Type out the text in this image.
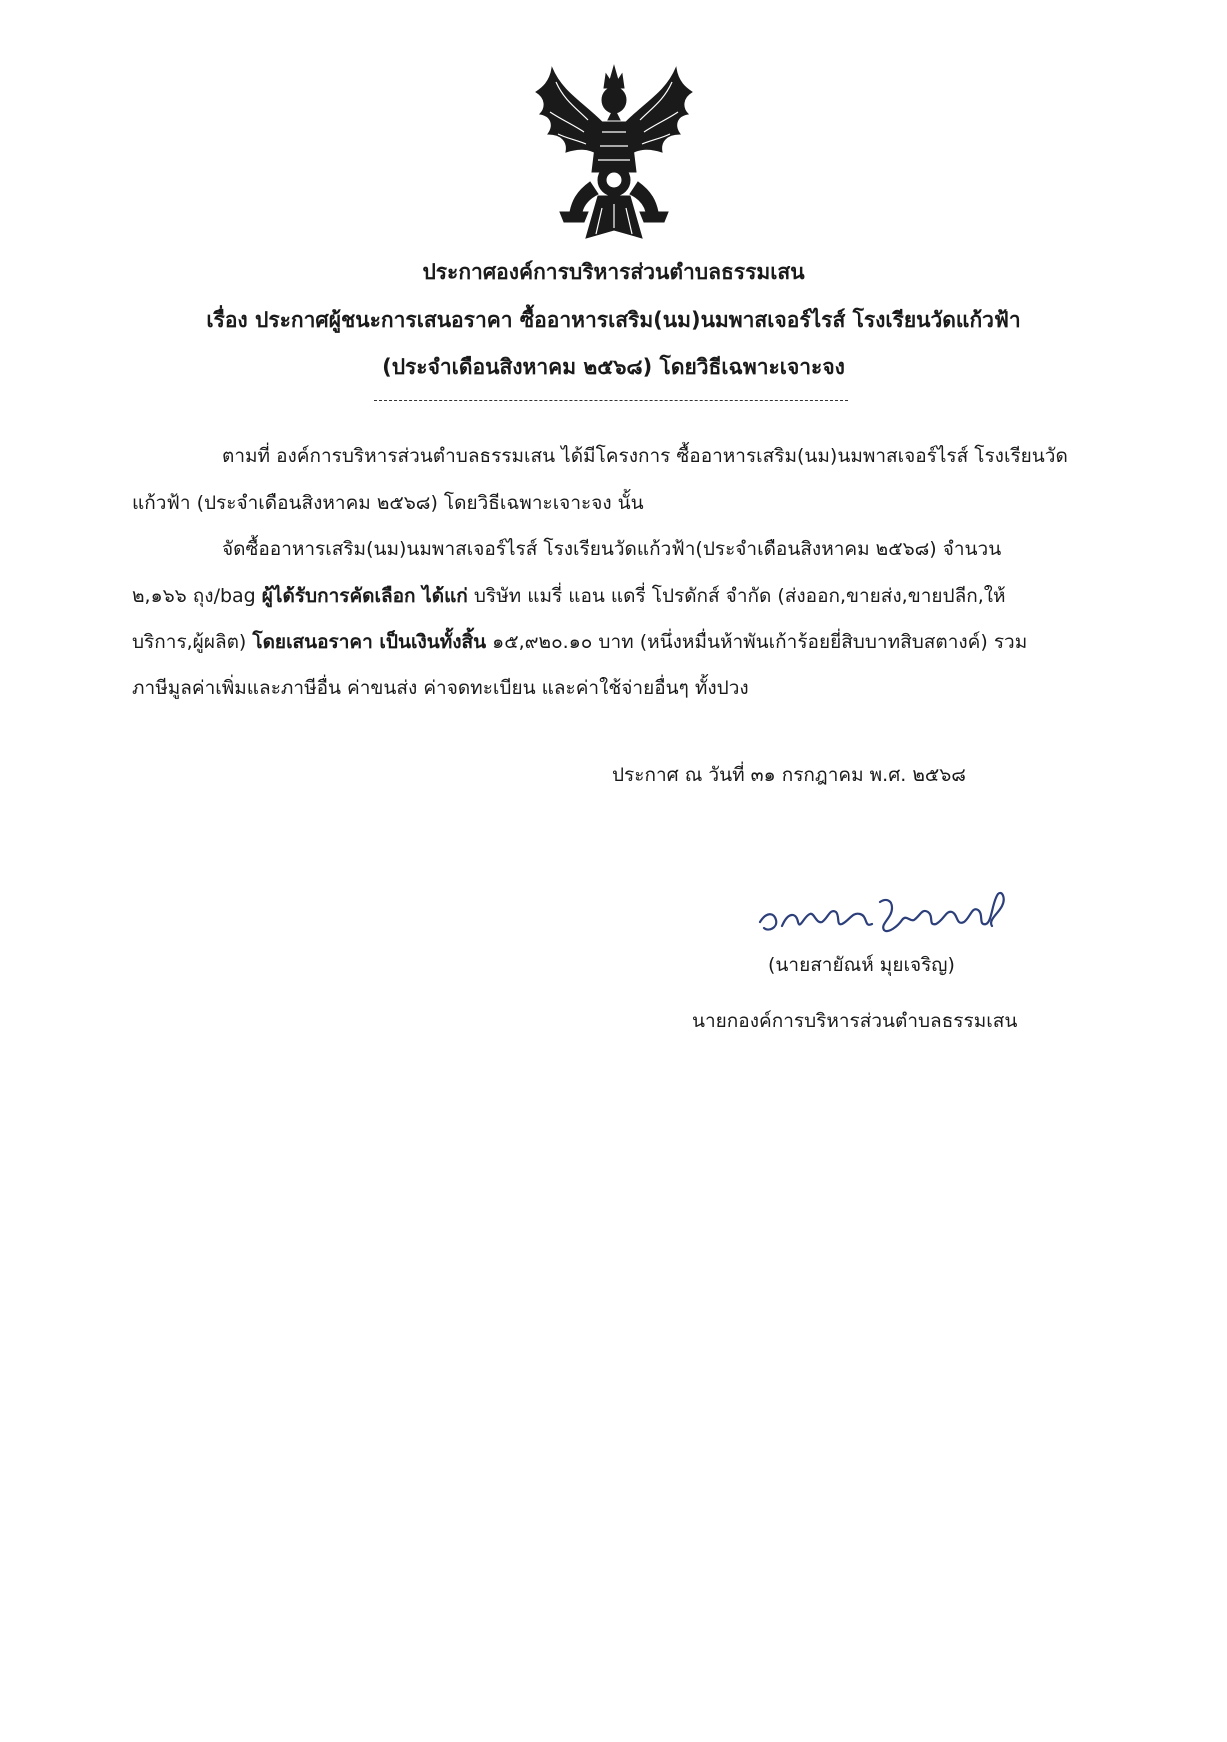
ประกาศองค์การบริหารส่วนตำบลธรรมเสน
เรื่อง ประกาศผู้ชนะการเสนอราคา ซื้ออาหารเสริม(นม)นมพาสเจอร์ไรส์ โรงเรียนวัดแก้วฟ้า
(ประจำเดือนสิงหาคม ๒๕๖๘) โดยวิธีเฉพาะเจาะจง
ตามที่ องค์การบริหารส่วนตำบลธรรมเสน ได้มีโครงการ ซื้ออาหารเสริม(นม)นมพาสเจอร์ไรส์ โรงเรียนวัด
แก้วฟ้า (ประจำเดือนสิงหาคม ๒๕๖๘) โดยวิธีเฉพาะเจาะจง นั้น
จัดซื้ออาหารเสริม(นม)นมพาสเจอร์ไรส์ โรงเรียนวัดแก้วฟ้า(ประจำเดือนสิงหาคม ๒๕๖๘) จำนวน
๒,๑๖๖ ถุง/bag ผู้ได้รับการคัดเลือก ได้แก่ บริษัท แมรี่ แอน แดรี่ โปรดักส์ จำกัด (ส่งออก,ขายส่ง,ขายปลีก,ให้
บริการ,ผู้ผลิต) โดยเสนอราคา เป็นเงินทั้งสิ้น ๑๕,๙๒๐.๑๐ บาท (หนึ่งหมื่นห้าพันเก้าร้อยยี่สิบบาทสิบสตางค์) รวม
ภาษีมูลค่าเพิ่มและภาษีอื่น ค่าขนส่ง ค่าจดทะเบียน และค่าใช้จ่ายอื่นๆ ทั้งปวง
ประกาศ ณ วันที่ ๓๑ กรกฎาคม พ.ศ. ๒๕๖๘
(นายสายัณห์ มุยเจริญ)
นายกองค์การบริหารส่วนตำบลธรรมเสน
